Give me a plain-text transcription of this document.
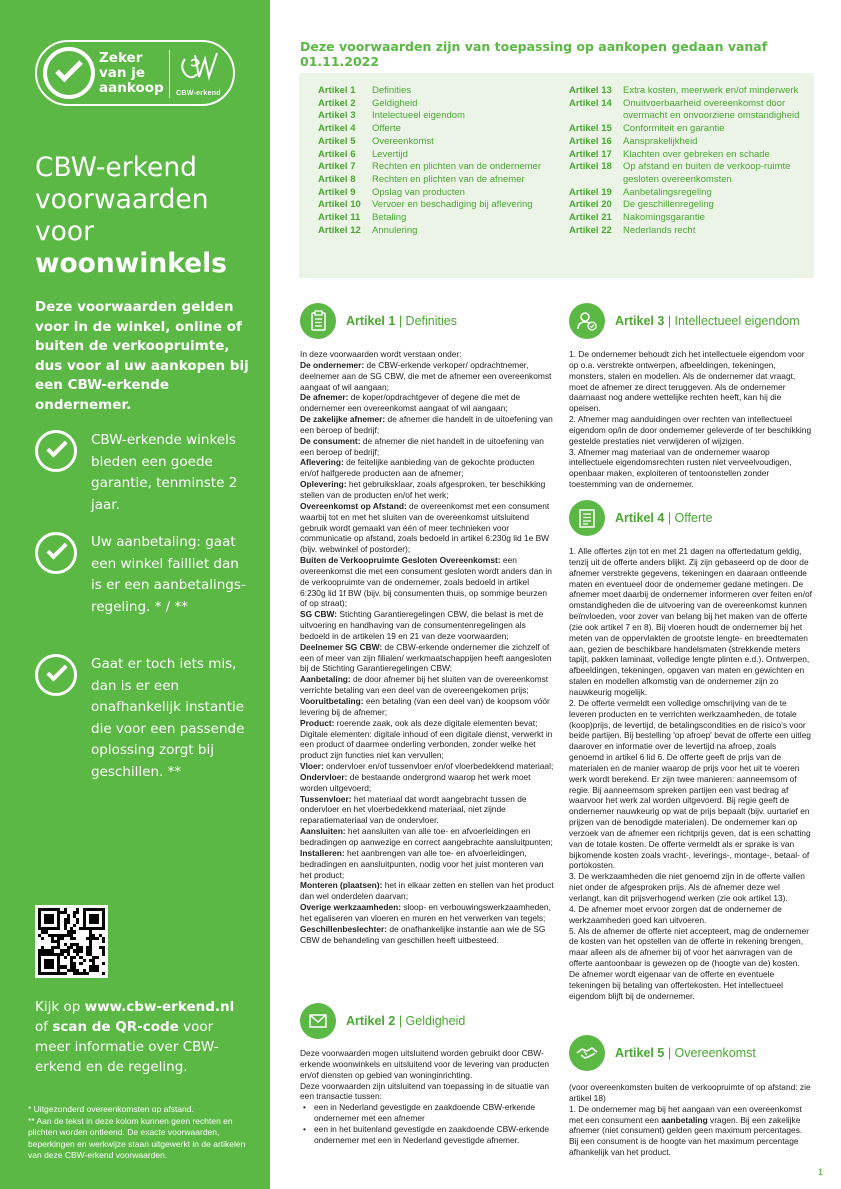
Zeker
van je
aankoop CBW-erkend
CBW-erkend
voorwaarden
voor
woonwinkels

Deze voorwaarden gelden voor in de winkel, online of buiten de verkoopruimte, dus voor al uw aankopen bij een CBW-erkende ondernemer.

CBW-erkende winkels bieden een goede garantie, tenminste 2 jaar.
Uw aanbetaling: gaat een winkel failliet dan is er een aanbetalings-regeling. * / **
Gaat er toch iets mis, dan is er een onafhankelijk instantie die voor een passende oplossing zorgt bij geschillen. **

Kijk op www.cbw-erkend.nl of scan de QR-code voor meer informatie over CBW-erkend en de regeling.

* Uitgezonderd overeenkomsten op afstand.

** Aan de tekst in deze kolom kunnen geen rechten en plichten worden ontleend. De exacte voorwaarden, beperkingen en werkwijze staan uitgewerkt in de artikelen van deze CBW-erkend voorwaarden.

Deze voorwaarden zijn van toepassing op aankopen gedaan vanaf 01.11.2022
Artikel 1	Definities
Artikel 2	Geldigheid
Artikel 3	Intelectueel eigendom
Artikel 4	Offerte
Artikel 5	Overeenkomst
Artikel 6	Levertijd
Artikel 7	Rechten en plichten van de ondernemer
Artikel 8	Rechten en plichten van de afnemer
Artikel 9	Opslag van producten
Artikel 10	Vervoer en beschadiging bij aflevering
Artikel 11	Betaling
Artikel 12	Annulering
Artikel 13	Extra kosten, meerwerk en/of minderwerk
Artikel 14	Onuitvoerbaarheid overeenkomst door overmacht en onvoorziene omstandigheid
Artikel 15	Conformiteit en garantie
Artikel 16	Aansprakelijkheid
Artikel 17	Klachten over gebreken en schade
Artikel 18	Op afstand en buiten de verkoop-ruimte gesloten overeenkomsten
Artikel 19	Aanbetalingsregeling
Artikel 20	De geschillenregeling
Artikel 21	Nakomingsgarantie
Artikel 22	Nederlands recht
Artikel 1 | Definities

In deze voorwaarden wordt verstaan onder:

De ondernemer: de CBW-erkende verkoper/ opdrachtnemer, deelnemer aan de SG CBW, die met de afnemer een overeenkomst aangaat of wil aangaan;

De afnemer: de koper/opdrachtgever of degene die met de ondernemer een overeenkomst aangaat of wil aangaan;

De zakelijke afnemer: de afnemer die handelt in de uitoefening van een beroep of bedrijf;

De consument: de afnemer die niet handelt in de uitoefening van een beroep of bedrijf;

Aflevering: de feitelijke aanbieding van de gekochte producten en/of halfgerede producten aan de afnemer;

Oplevering: het gebruiksklaar, zoals afgesproken, ter beschikking stellen van de producten en/of het werk;

Overeenkomst op Afstand: de overeenkomst met een consument waarbij tot en met het sluiten van de overeenkomst uitsluitend gebruik wordt gemaakt van één of meer technieken voor communicatie op afstand, zoals bedoeld in artikel 6:230g lid 1e BW (bijv. webwinkel of postorder);

Buiten de Verkoopruimte Gesloten Overeenkomst: een overeenkomst die met een consument gesloten wordt anders dan in de verkoopruimte van de ondernemer, zoals bedoeld in artikel 6:230g lid 1f BW (bijv. bij consumenten thuis, op sommige beurzen of op straat);

SG CBW: Stichting Garantieregelingen CBW, die belast is met de uitvoering en handhaving van de consumentenregelingen als bedoeld in de artikelen 19 en 21 van deze voorwaarden;

Deelnemer SG CBW: de CBW-erkende ondernemer die zichzelf of een of meer van zijn filialen/ werkmaatschappijen heeft aangesloten bij de Stichting Garantieregelingen CBW;

Aanbetaling: de door afnemer bij het sluiten van de overeenkomst verrichte betaling van een deel van de overeengekomen prijs;

Vooruitbetaling: een betaling (van een deel van) de koopsom vóór levering bij de afnemer;

Product: roerende zaak, ook als deze digitale elementen bevat;

Digitale elementen: digitale inhoud of een digitale dienst, verwerkt in een product of daarmee onderling verbonden, zonder welke het product zijn functies niet kan vervullen;

Vloer: ondervloer en/of tussenvloer en/of vloerbedekkend materiaal;

Ondervloer: de bestaande ondergrond waarop het werk moet worden uitgevoerd;

Tussenvloer: het materiaal dat wordt aangebracht tussen de ondervloer en het vloerbedekkend materiaal, niet zijnde reparatiemateriaal van de ondervloer.

Aansluiten: het aansluiten van alle toe- en afvoerleidingen en bedradingen op aanwezige en correct aangebrachte aansluitpunten;

Installeren: het aanbrengen van alle toe- en afvoerleidingen, bedradingen en aansluitpunten, nodig voor het juist monteren van het product;

Monteren (plaatsen): het in elkaar zetten en stellen van het product dan wel onderdelen daarvan;

Overige werkzaamheden: sloop- en verbouwingswerkzaamheden, het egaliseren van vloeren en muren en het verwerken van tegels;

Geschillenbeslechter: de onafhankelijke instantie aan wie de SG CBW de behandeling van geschillen heeft uitbesteed.

Artikel 2 | Geldigheid

Deze voorwaarden mogen uitsluitend worden gebruikt door CBW-erkende woonwinkels en uitsluitend voor de levering van producten en/of diensten op gebied van woninginrichting.

Deze voorwaarden zijn uitsluitend van toepassing in de situatie van een transactie tussen:

• een in Nederland gevestigde en zaakdoende CBW-erkende ondernemer met een afnemer
• een in het buitenland gevestigde en zaakdoende CBW-erkende ondernemer met een in Nederland gevestigde afnemer.
Artikel 3 | Intellectueel eigendom

1. De ondernemer behoudt zich het intellectuele eigendom voor op o.a. verstrekte ontwerpen, afbeeldingen, tekeningen, monsters, stalen en modellen. Als de ondernemer dat vraagt, moet de afnemer ze direct teruggeven. Als de ondernemer daarnaast nog andere wettelijke rechten heeft, kan hij die opeisen.

2. Afnemer mag aanduidingen over rechten van intellectueel eigendom op/in de door ondernemer geleverde of ter beschikking gestelde prestaties niet verwijderen of wijzigen.

3. Afnemer mag materiaal van de ondernemer waarop intellectuele eigendomsrechten rusten niet verveelvoudigen, openbaar maken, exploiteren of tentoonstellen zonder toestemming van de ondernemer.

Artikel 4 | Offerte

1. Alle offertes zijn tot en met 21 dagen na offertedatum geldig, tenzij uit de offerte anders blijkt. Zij zijn gebaseerd op de door de afnemer verstrekte gegevens, tekeningen en daaraan ontleende maten en eventueel door de ondernemer gedane metingen. De afnemer moet daarbij de ondernemer informeren over feiten en/of omstandigheden die de uitvoering van de overeenkomst kunnen beïnvloeden, voor zover van belang bij het maken van de offerte (zie ook artikel 7 en 8). Bij vloeren houdt de ondernemer bij het meten van de oppervlakten de grootste lengte- en breedtematen aan, gezien de beschikbare handelsmaten (strekkende meters tapijt, pakken laminaat, volledige lengte plinten e.d.). Ontwerpen, afbeeldingen, tekeningen, opgaven van maten en gewichten en stalen en modellen afkomstig van de ondernemer zijn zo nauwkeurig mogelijk.

2. De offerte vermeldt een volledige omschrijving van de te leveren producten en te verrichten werkzaamheden, de totale (koop)prijs, de levertijd, de betalingscondities en de risico's voor beide partijen. Bij bestelling 'op afroep' bevat de offerte een uitleg daarover en informatie over de levertijd na afroep, zoals genoemd in artikel 6 lid 6. De offerte geeft de prijs van de materialen en de manier waarop de prijs voor het uit te voeren werk wordt berekend. Er zijn twee manieren: aanneemsom of regie. Bij aanneemsom spreken partijen een vast bedrag af waarvoor het werk zal worden uitgevoerd. Bij regie geeft de ondernemer nauwkeurig op wat de prijs bepaalt (bijv. uurtarief en prijzen van de benodigde materialen). De ondernemer kan op verzoek van de afnemer een richtprijs geven, dat is een schatting van de totale kosten. De offerte vermeldt als er sprake is van bijkomende kosten zoals vracht-, leverings-, montage-, betaal- of portokosten.

3. De werkzaamheden die niet genoemd zijn in de offerte vallen niet onder de afgesproken prijs. Als de afnemer deze wel verlangt, kan dit prijsverhogend werken (zie ook artikel 13).

4. De afnemer moet ervoor zorgen dat de ondernemer de werkzaamheden goed kan uitvoeren.

5. Als de afnemer de offerte niet accepteert, mag de ondernemer de kosten van het opstellen van de offerte in rekening brengen, maar alleen als de afnemer bij of voor het aanvragen van de offerte aantoonbaar is gewezen op de (hoogte van de) kosten. De afnemer wordt eigenaar van de offerte en eventuele tekeningen bij betaling van offertekosten. Het intellectueel eigendom blijft bij de ondernemer.

Artikel 5 | Overeenkomst

(voor overeenkomsten buiten de verkoopruimte of op afstand: zie artikel 18)

1. De ondernemer mag bij het aangaan van een overeenkomst met een consument een aanbetaling vragen. Bij een zakelijke afnemer (niet consument) gelden geen maximum percentages. Bij een consument is de hoogte van het maximum percentage afhankelijk van het product.

1
